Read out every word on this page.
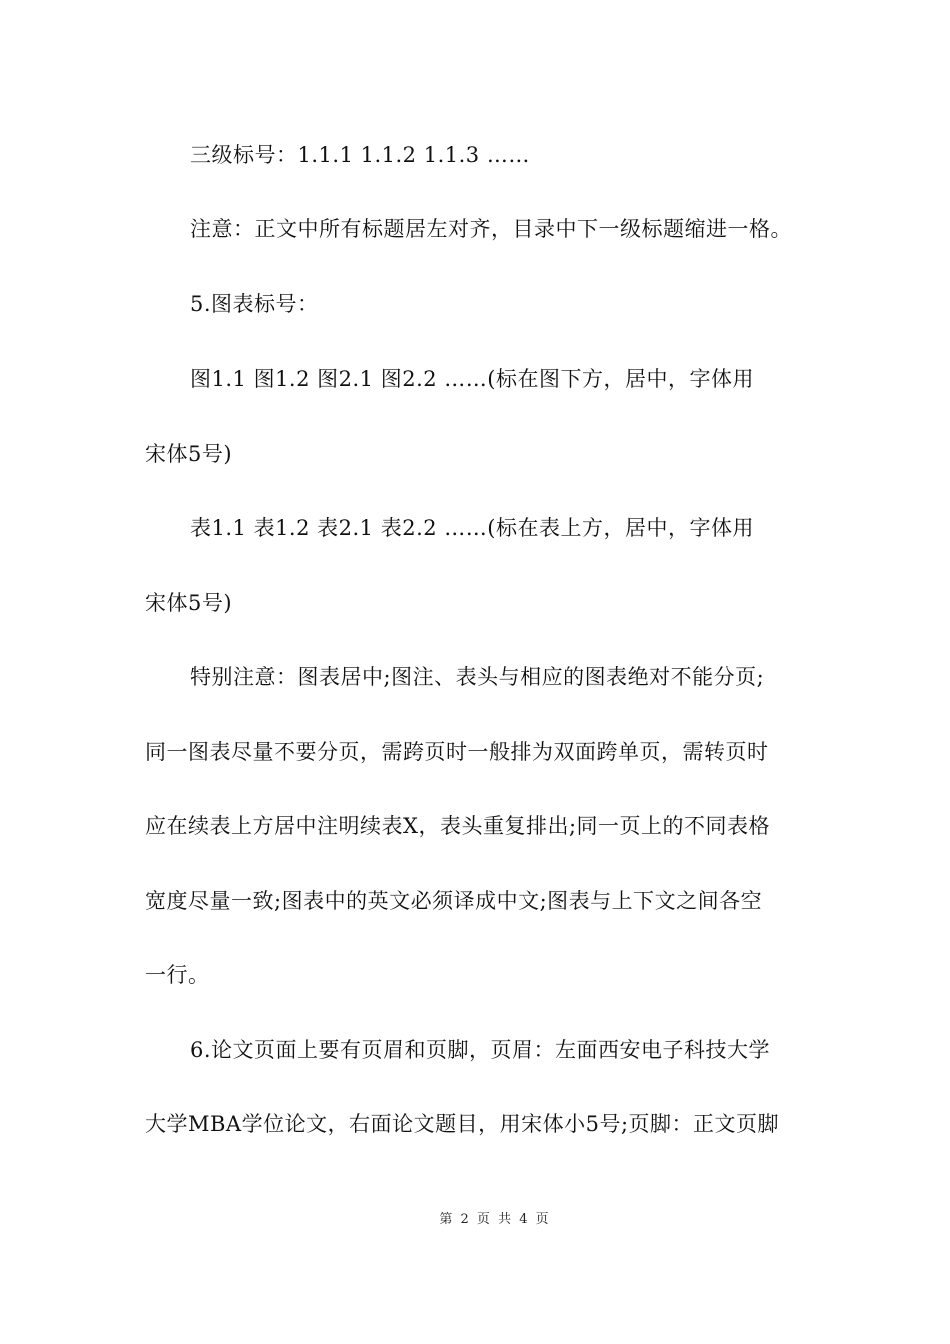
三级标号：1.1.1 1.1.2 1.1.3 ……
注意：正文中所有标题居左对齐，目录中下一级标题缩进一格。
5.图表标号：
图1.1 图1.2 图2.1 图2.2 ……(标在图下方，居中，字体用
宋体5号)
表1.1 表1.2 表2.1 表2.2 ……(标在表上方，居中，字体用
宋体5号)
特别注意：图表居中;图注、表头与相应的图表绝对不能分页;
同一图表尽量不要分页，需跨页时一般排为双面跨单页，需转页时
应在续表上方居中注明续表X，表头重复排出;同一页上的不同表格
宽度尽量一致;图表中的英文必须译成中文;图表与上下文之间各空
一行。
6.论文页面上要有页眉和页脚，页眉：左面西安电子科技大学
大学MBA学位论文，右面论文题目，用宋体小5号;页脚：正文页脚
第 2 页 共 4 页
